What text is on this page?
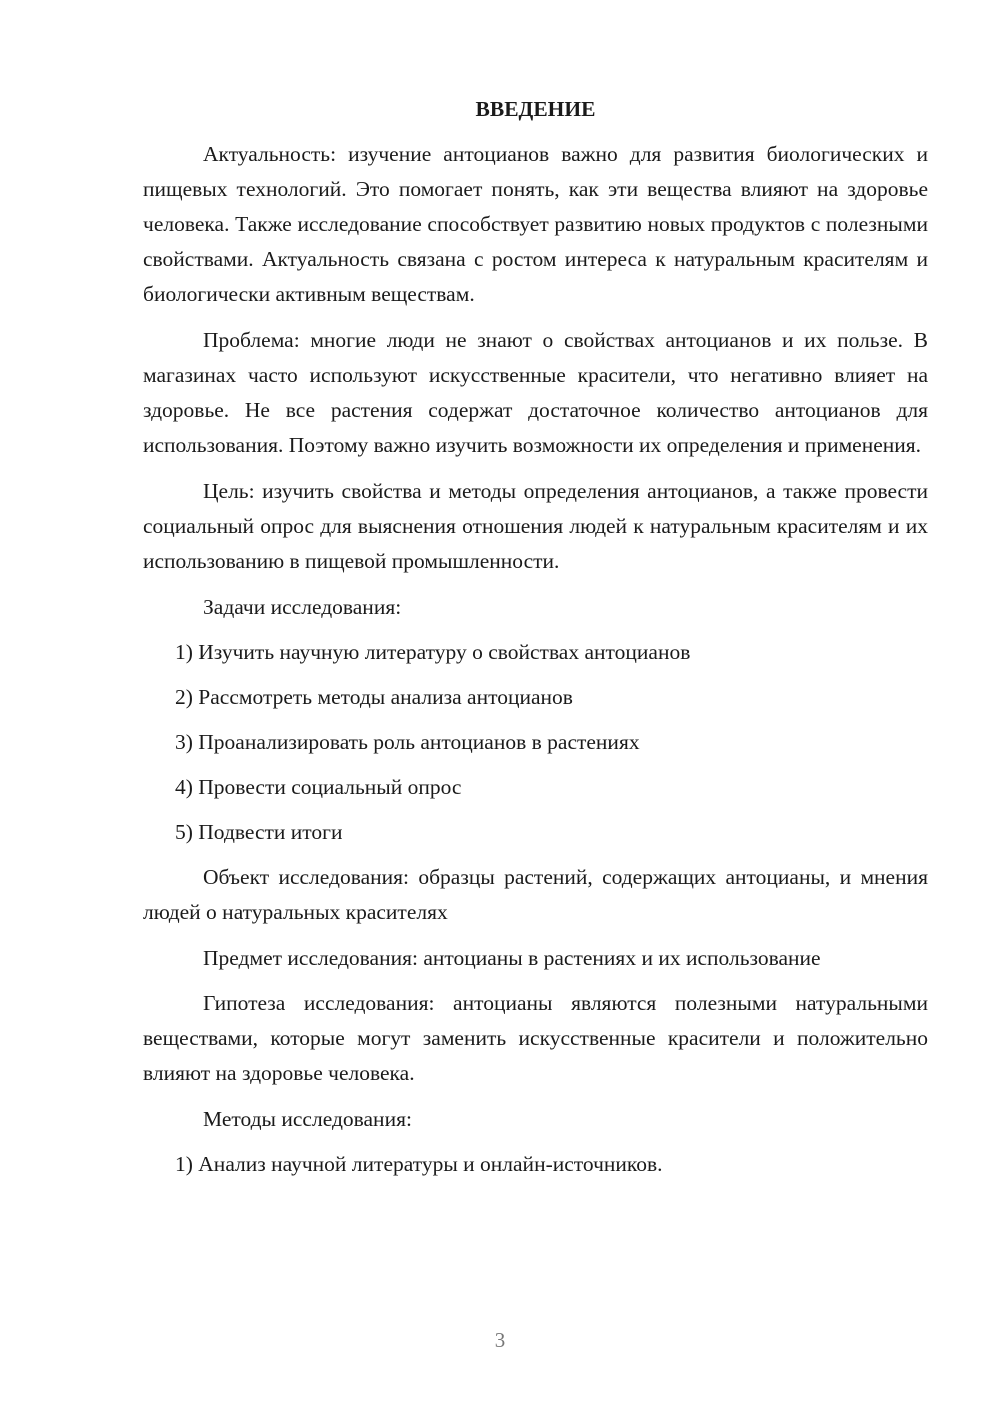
ВВЕДЕНИЕ

Актуальность: изучение антоцианов важно для развития биологических и пищевых технологий. Это помогает понять, как эти вещества влияют на здоровье человека. Также исследование способствует развитию новых продуктов с полезными свойствами. Актуальность связана с ростом интереса к натуральным красителям и биологически активным веществам.

Проблема: многие люди не знают о свойствах антоцианов и их пользе. В магазинах часто используют искусственные красители, что негативно влияет на здоровье. Не все растения содержат достаточное количество антоцианов для использования. Поэтому важно изучить возможности их определения и применения.

Цель: изучить свойства и методы определения антоцианов, а также провести социальный опрос для выяснения отношения людей к натуральным красителям и их использованию в пищевой промышленности.

Задачи исследования:
1) Изучить научную литературу о свойствах антоцианов
2) Рассмотреть методы анализа антоцианов
3) Проанализировать роль антоцианов в растениях
4) Провести социальный опрос
5) Подвести итоги

Объект исследования: образцы растений, содержащих антоцианы, и мнения людей о натуральных красителях

Предмет исследования: антоцианы в растениях и их использование

Гипотеза исследования: антоцианы являются полезными натуральными веществами, которые могут заменить искусственные красители и положительно влияют на здоровье человека.

Методы исследования:
1) Анализ научной литературы и онлайн-источников.
3
